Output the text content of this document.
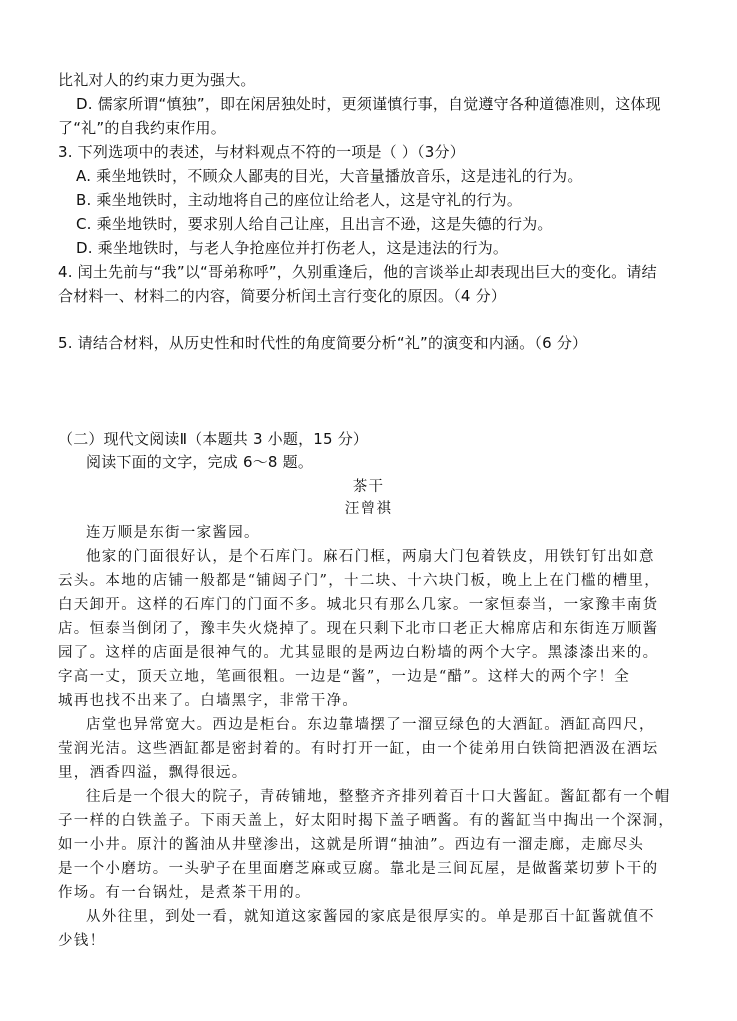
比礼对人的约束力更为强大。
D. 儒家所谓“慎独”，即在闲居独处时，更须谨慎行事，自觉遵守各种道德准则，这体现
了“礼”的自我约束作用。
3. 下列选项中的表述，与材料观点不符的一项是（ ）（3分）
A. 乘坐地铁时，不顾众人鄙夷的目光，大音量播放音乐，这是违礼的行为。
B. 乘坐地铁时，主动地将自己的座位让给老人，这是守礼的行为。
C. 乘坐地铁时，要求别人给自己让座，且出言不逊，这是失德的行为。
D. 乘坐地铁时，与老人争抢座位并打伤老人，这是违法的行为。
4. 闰土先前与“我”以“哥弟称呼”，久别重逢后，他的言谈举止却表现出巨大的变化。请结
合材料一、材料二的内容，简要分析闰土言行变化的原因。（4 分）
5. 请结合材料，从历史性和时代性的角度简要分析“礼”的演变和内涵。（6 分）
（二）现代文阅读Ⅱ（本题共 3 小题，15 分）
阅读下面的文字，完成 6～8 题。
茶干
汪曾祺
连万顺是东街一家酱园。
他家的门面很好认，是个石库门。麻石门框，两扇大门包着铁皮，用铁钉钉出如意
云头。本地的店铺一般都是“铺闼子门”，十二块、十六块门板，晚上上在门槛的槽里，
白天卸开。这样的石库门的门面不多。城北只有那么几家。一家恒泰当，一家豫丰南货
店。恒泰当倒闭了，豫丰失火烧掉了。现在只剩下北市口老正大棉席店和东街连万顺酱
园了。这样的店面是很神气的。尤其显眼的是两边白粉墙的两个大字。黑漆漆出来的。
字高一丈，顶天立地，笔画很粗。一边是“酱”，一边是“醋”。这样大的两个字！全
城再也找不出来了。白墙黑字，非常干净。
店堂也异常宽大。西边是柜台。东边靠墙摆了一溜豆绿色的大酒缸。酒缸高四尺，
莹润光洁。这些酒缸都是密封着的。有时打开一缸，由一个徒弟用白铁筒把酒汲在酒坛
里，酒香四溢，飘得很远。
往后是一个很大的院子，青砖铺地，整整齐齐排列着百十口大酱缸。酱缸都有一个帽
子一样的白铁盖子。下雨天盖上，好太阳时揭下盖子晒酱。有的酱缸当中掏出一个深洞，
如一小井。原汁的酱油从井壁渗出，这就是所谓“抽油”。西边有一溜走廊，走廊尽头
是一个小磨坊。一头驴子在里面磨芝麻或豆腐。靠北是三间瓦屋，是做酱菜切萝卜干的
作场。有一台锅灶，是煮茶干用的。
从外往里，到处一看，就知道这家酱园的家底是很厚实的。单是那百十缸酱就值不
少钱！
